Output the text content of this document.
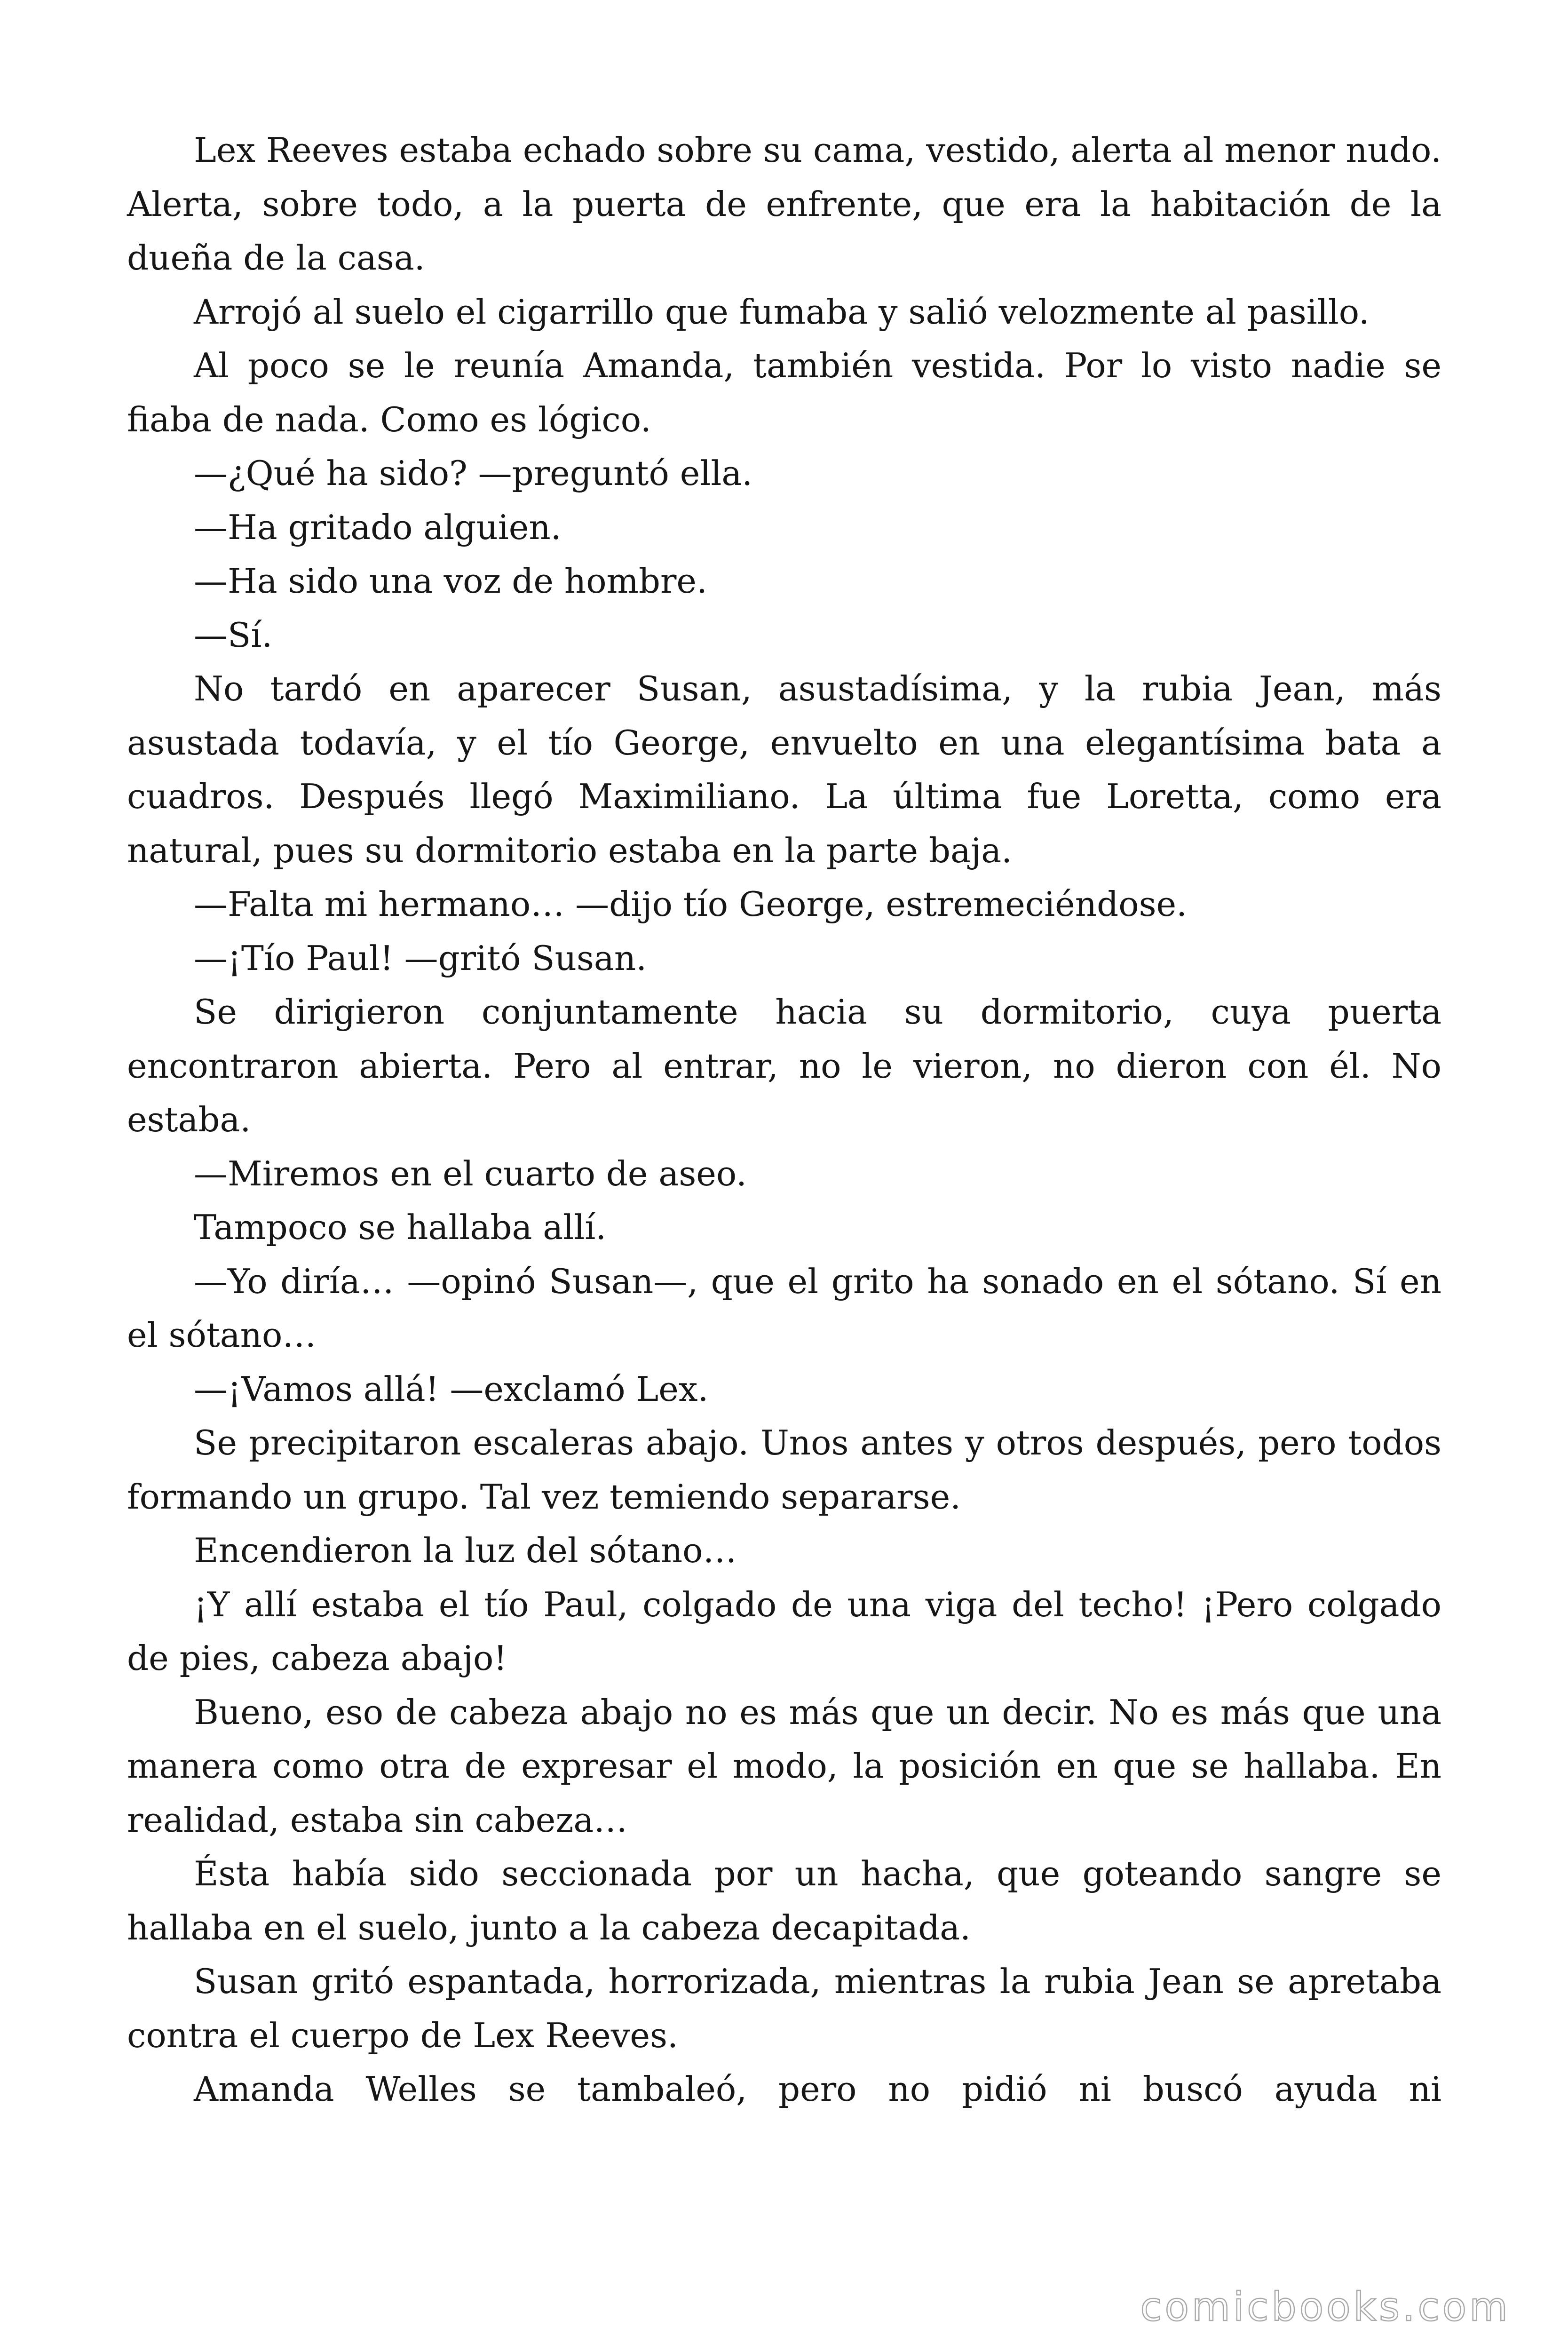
Lex Reeves estaba echado sobre su cama, vestido, alerta al menor nudo. Alerta, sobre todo, a la puerta de enfrente, que era la habitación de la dueña de la casa.

Arrojó al suelo el cigarrillo que fumaba y salió velozmente al pasillo.

Al poco se le reunía Amanda, también vestida. Por lo visto nadie se fiaba de nada. Como es lógico.

—¿Qué ha sido? —preguntó ella.

—Ha gritado alguien.

—Ha sido una voz de hombre.

—Sí.

No tardó en aparecer Susan, asustadísima, y la rubia Jean, más asustada todavía, y el tío George, envuelto en una elegantísima bata a cuadros. Después llegó Maximiliano. La última fue Loretta, como era natural, pues su dormitorio estaba en la parte baja.

—Falta mi hermano… —dijo tío George, estremeciéndose.

—¡Tío Paul! —gritó Susan.

Se dirigieron conjuntamente hacia su dormitorio, cuya puerta encontraron abierta. Pero al entrar, no le vieron, no dieron con él. No estaba.

—Miremos en el cuarto de aseo.

Tampoco se hallaba allí.

—Yo diría… —opinó Susan—, que el grito ha sonado en el sótano. Sí en el sótano…

—¡Vamos allá! —exclamó Lex.

Se precipitaron escaleras abajo. Unos antes y otros después, pero todos formando un grupo. Tal vez temiendo separarse.

Encendieron la luz del sótano…

¡Y allí estaba el tío Paul, colgado de una viga del techo! ¡Pero colgado de pies, cabeza abajo!

Bueno, eso de cabeza abajo no es más que un decir. No es más que una manera como otra de expresar el modo, la posición en que se hallaba. En realidad, estaba sin cabeza…

Ésta había sido seccionada por un hacha, que goteando sangre se hallaba en el suelo, junto a la cabeza decapitada.

Susan gritó espantada, horrorizada, mientras la rubia Jean se apretaba contra el cuerpo de Lex Reeves.

Amanda Welles se tambaleó, pero no pidió ni buscó ayuda ni

comicbooks.com
